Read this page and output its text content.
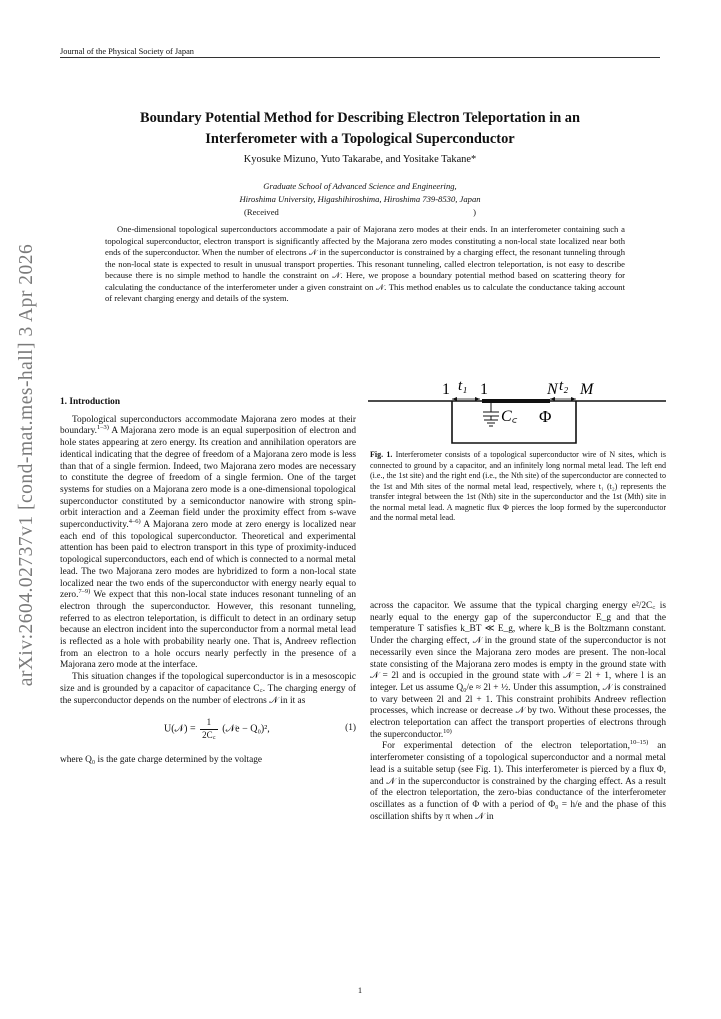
Journal of the Physical Society of Japan
arXiv:2604.02737v1 [cond-mat.mes-hall] 3 Apr 2026
Boundary Potential Method for Describing Electron Teleportation in an
Interferometer with a Topological Superconductor
Kyosuke Mizuno, Yuto Takarabe, and Yositake Takane*
Graduate School of Advanced Science and Engineering,
Hiroshima University, Higashihiroshima, Hiroshima 739-8530, Japan
(Received	)

One-dimensional topological superconductors accommodate a pair of Majorana zero modes at their ends. In an interferometer containing such a topological superconductor, electron transport is significantly affected by the Majorana zero modes constituting a non-local state localized near both ends of the superconductor. When the number of electrons 𝒩 in the superconductor is constrained by a charging effect, the resonant tunneling through the non-local state is expected to result in unusual transport properties. This resonant tunneling, called electron teleportation, is not easy to describe because there is no simple method to handle the constraint on 𝒩. Here, we propose a boundary potential method based on scattering theory for calculating the conductance of the interferometer under a given constraint on 𝒩. This method enables us to calculate the conductance taking account of relevant charging energy and details of the system.

1. Introduction

Topological superconductors accommodate Majorana zero modes at their boundary.$^{1-3)}$ A Majorana zero mode is an equal superposition of electron and hole states appearing at zero energy. Its creation and annihilation operators are identical indicating that the degree of freedom of a Majorana zero mode is less than that of a single fermion. Indeed, two Majorana zero modes are necessary to constitute the degree of freedom of a single fermion. One of the target systems for studies on a Majorana zero mode is a one-dimensional topological superconductor constituted by a semiconductor nanowire with strong spin-orbit interaction and a Zeeman field under the proximity effect from s-wave superconductivity.$^{4-6)}$ A Majorana zero mode at zero energy is localized near each end of this topological superconductor. Theoretical and experimental attention has been paid to electron transport in this type of proximity-induced topological superconductors, each end of which is connected to a normal metal lead. The two Majorana zero modes are hybridized to form a non-local state localized near the two ends of the superconductor with energy nearly equal to zero.$^{7-9)}$ We expect that this non-local state induces resonant tunneling of an electron through the superconductor. However, this resonant tunneling, referred to as electron teleportation, is difficult to detect in an ordinary setup because an electron incident into the superconductor from a normal metal lead is reflected as a hole with probability nearly one. That is, Andreev reflection from an electron to a hole occurs nearly perfectly in the presence of a Majorana zero mode at the interface.

This situation changes if the topological superconductor is in a mesoscopic size and is grounded by a capacitor of capacitance C꜀. The charging energy of the superconductor depends on the number of electrons 𝒩 in it as

U(𝒩) = $\frac{1}{2C꜀}$ (𝒩e − Q₀)²,	(1)

where Q₀ is the gate charge determined by the voltage

1 t₁ 1	N t₂ M
C꜀ Φ
Fig. 1. Interferometer consists of a topological superconductor wire of N sites, which is connected to ground by a capacitor, and an infinitely long normal metal lead. The left end (i.e., the 1st site) and the right end (i.e., the Nth site) of the superconductor are connected to the 1st and Mth sites of the normal metal lead, respectively, where t₁ (t₂) represents the transfer integral between the 1st (Nth) site in the superconductor and the 1st (Mth) site in the normal metal lead. A magnetic flux Φ pierces the loop formed by the superconductor and the normal metal lead.

across the capacitor. We assume that the typical charging energy e²/2C꜀ is nearly equal to the energy gap of the superconductor E_g and that the temperature T satisfies k_BT ≪ E_g, where k_B is the Boltzmann constant. Under the charging effect, 𝒩 in the ground state of the superconductor is not necessarily even since the Majorana zero modes are present. The non-local state consisting of the Majorana zero modes is empty in the ground state with 𝒩 = 2l and is occupied in the ground state with 𝒩 = 2l + 1, where l is an integer. Let us assume Q₀/e ≈ 2l + ½. Under this assumption, 𝒩 is constrained to vary between 2l and 2l + 1. This constraint prohibits Andreev reflection processes, which increase or decrease 𝒩 by two. Without these processes, the electron teleportation can affect the transport properties of electrons through the superconductor.$^{10)}$

For experimental detection of the electron teleportation,$^{10-15)}$ an interferometer consisting of a topological superconductor and a normal metal lead is a suitable setup (see Fig. 1). This interferometer is pierced by a flux Φ, and 𝒩 in the superconductor is constrained by the charging effect. As a result of the electron teleportation, the zero-bias conductance of the interferometer oscillates as a function of Φ with a period of Φ₀ = h/e and the phase of this oscillation shifts by π when 𝒩 in

1
